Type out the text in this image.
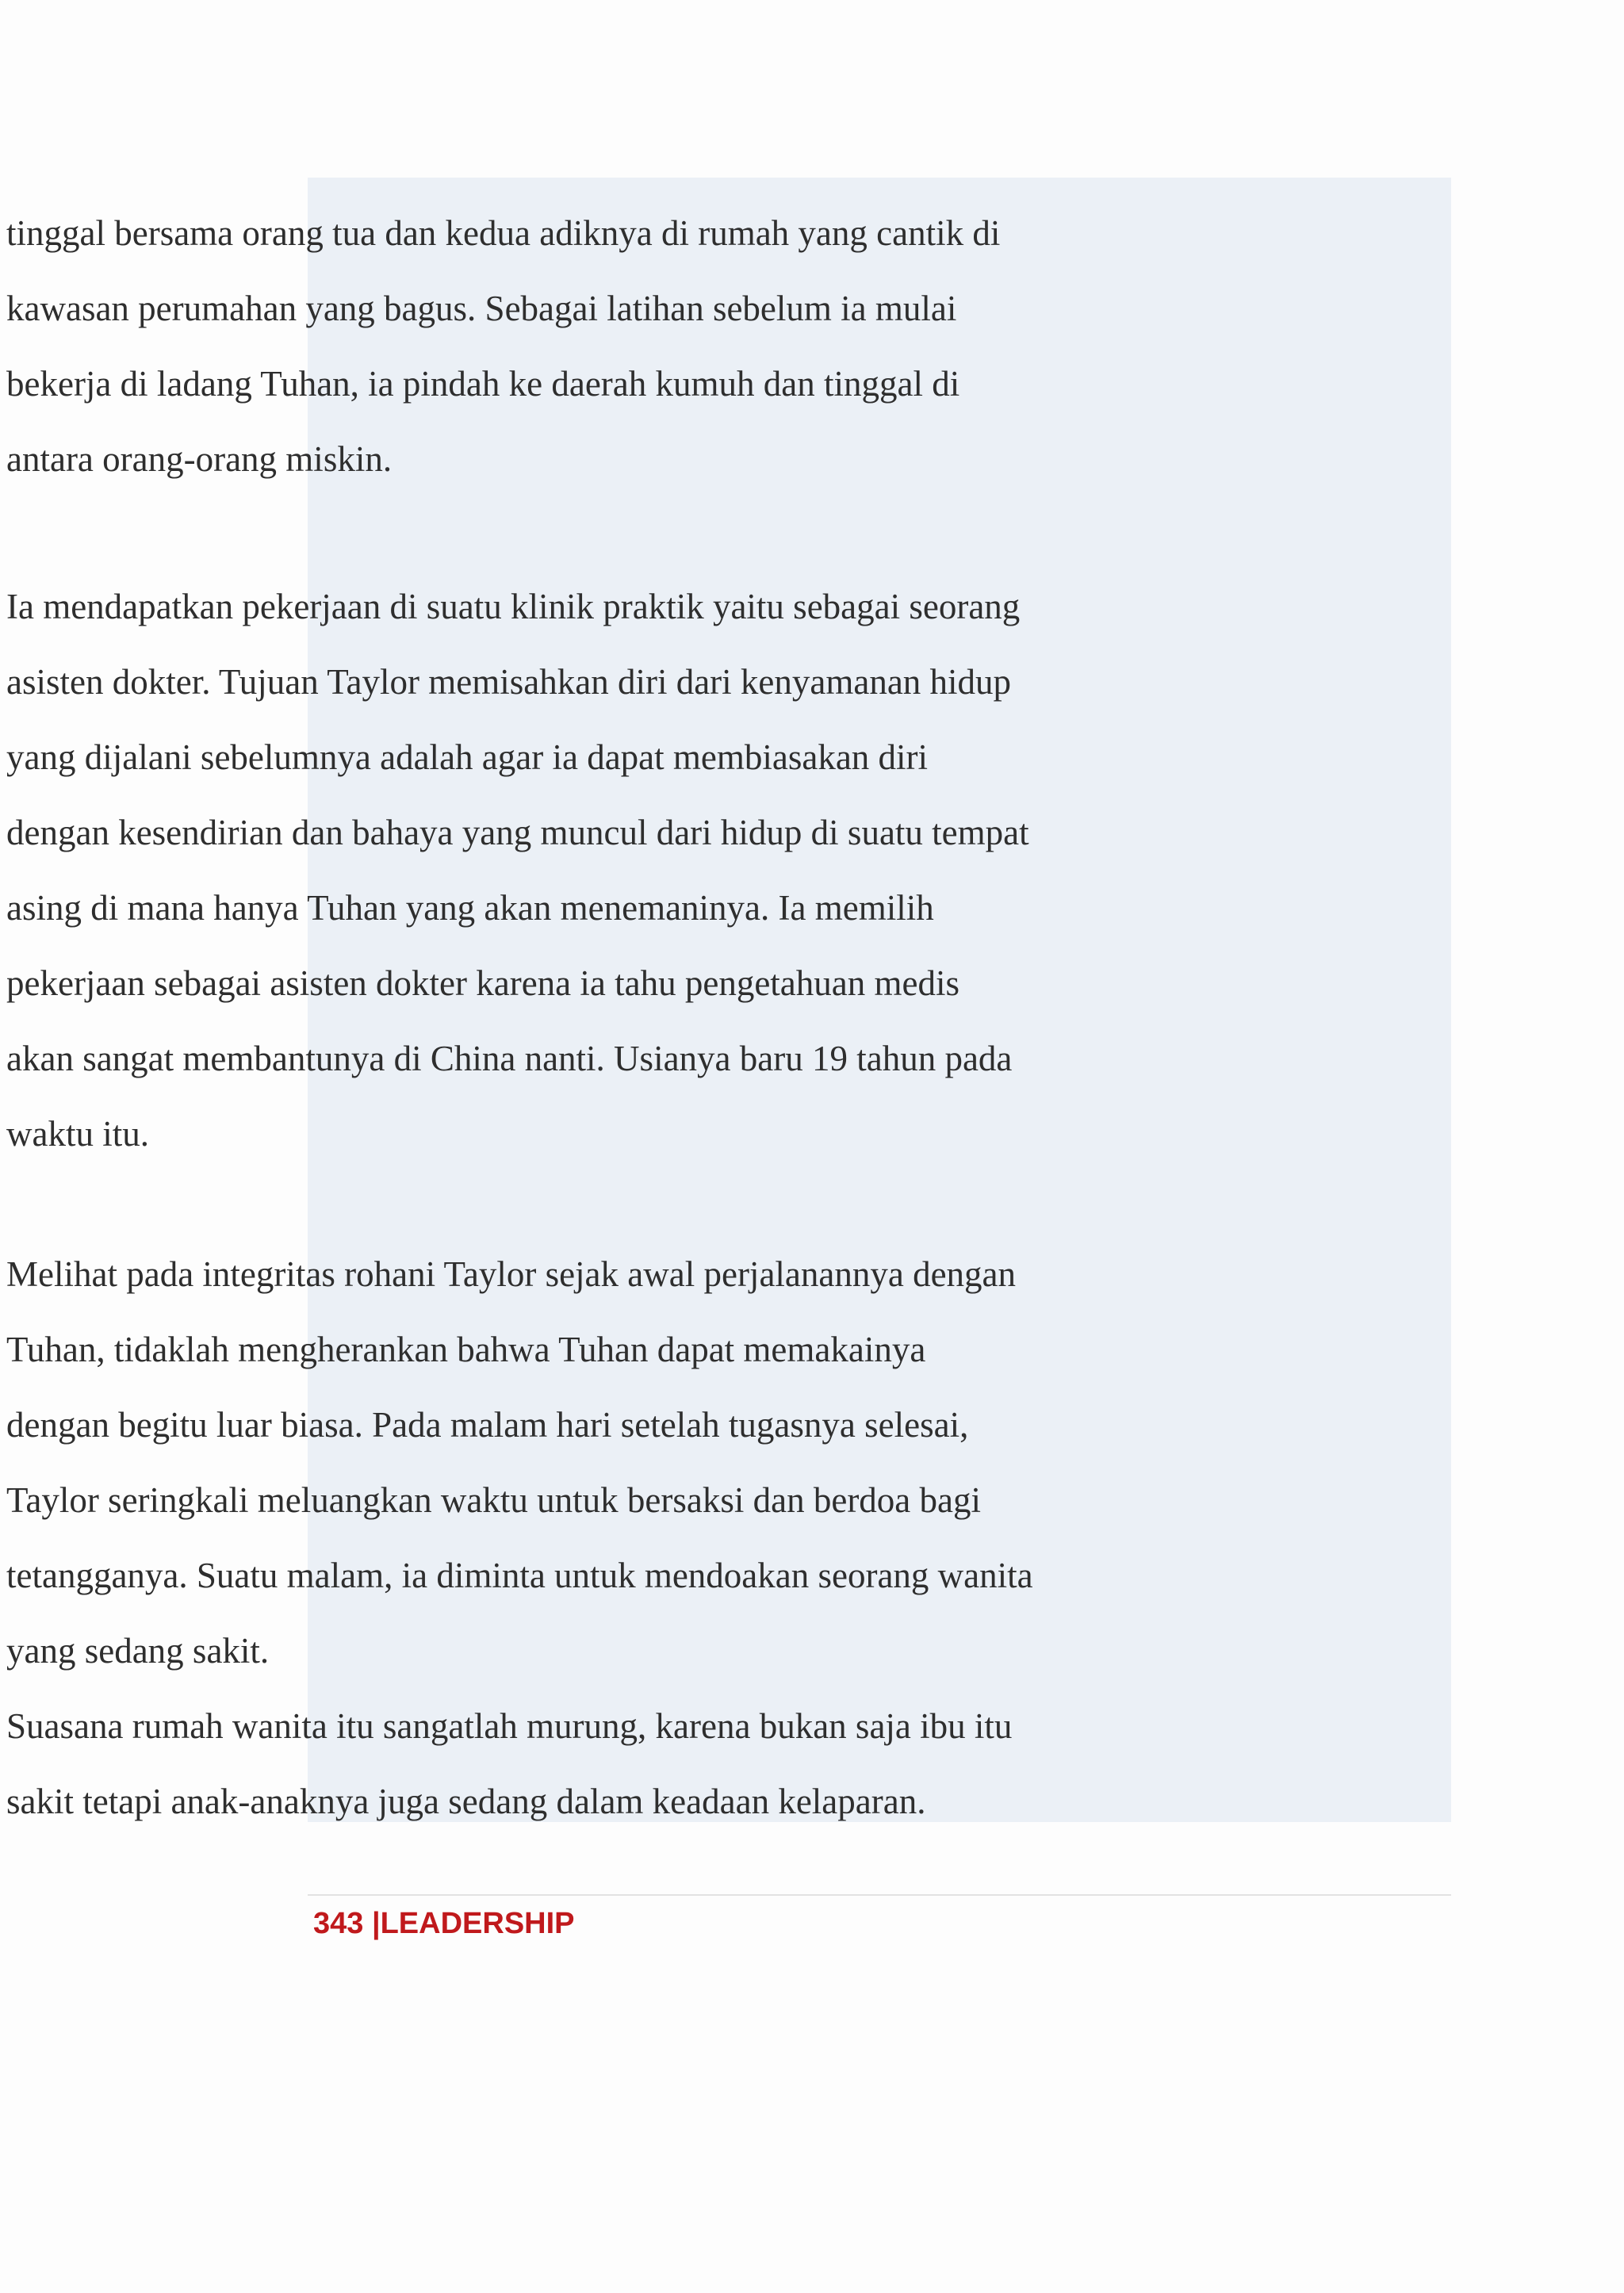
tinggal bersama orang tua dan kedua adiknya di rumah yang cantik di
kawasan perumahan yang bagus. Sebagai latihan sebelum ia mulai
bekerja di ladang Tuhan, ia pindah ke daerah kumuh dan tinggal di
antara orang-orang miskin.
Ia mendapatkan pekerjaan di suatu klinik praktik yaitu sebagai seorang
asisten dokter. Tujuan Taylor memisahkan diri dari kenyamanan hidup
yang dijalani sebelumnya adalah agar ia dapat membiasakan diri
dengan kesendirian dan bahaya yang muncul dari hidup di suatu tempat
asing di mana hanya Tuhan yang akan menemaninya. Ia memilih
pekerjaan sebagai asisten dokter karena ia tahu pengetahuan medis
akan sangat membantunya di China nanti. Usianya baru 19 tahun pada
waktu itu.
Melihat pada integritas rohani Taylor sejak awal perjalanannya dengan
Tuhan, tidaklah mengherankan bahwa Tuhan dapat memakainya
dengan begitu luar biasa. Pada malam hari setelah tugasnya selesai,
Taylor seringkali meluangkan waktu untuk bersaksi dan berdoa bagi
tetangganya. Suatu malam, ia diminta untuk mendoakan seorang wanita
yang sedang sakit.
Suasana rumah wanita itu sangatlah murung, karena bukan saja ibu itu
sakit tetapi anak-anaknya juga sedang dalam keadaan kelaparan.
343 |LEADERSHIP
